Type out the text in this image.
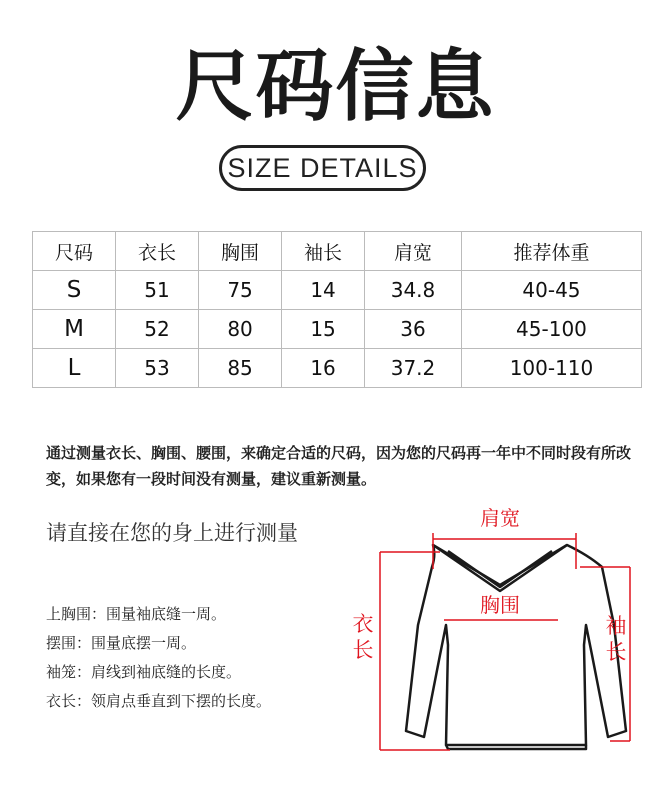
尺码信息
SIZE DETAILS
尺码	衣长	胸围	袖长	肩宽	推荐体重
S	51	75	14	34.8	40-45
M	52	80	15	36	45-100
L	53	85	16	37.2	100-110
通过测量衣长、胸围、腰围，来确定合适的尺码，因为您的尺码再一年中不同时段有所改变，如果您有一段时间没有测量，建议重新测量。
请直接在您的身上进行测量
上胸围：围量袖底缝一周。
摆围：围量底摆一周。
袖笼：肩线到袖底缝的长度。
衣长：领肩点垂直到下摆的长度。
肩宽
胸围
衣
长
袖
长
